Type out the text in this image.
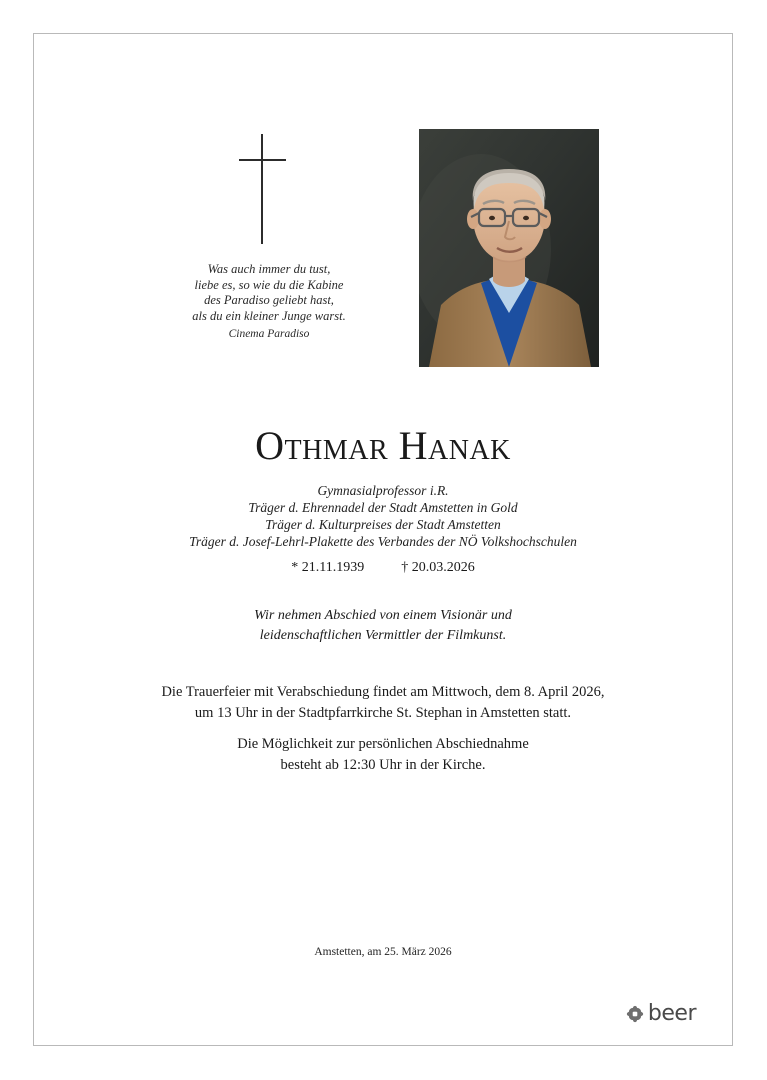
Was auch immer du tust,
liebe es, so wie du die Kabine
des Paradiso geliebt hast,
als du ein kleiner Junge warst.
Cinema Paradiso
Othmar Hanak
Gymnasialprofessor i.R.
Träger d. Ehrennadel der Stadt Amstetten in Gold
Träger d. Kulturpreises der Stadt Amstetten
Träger d. Josef-Lehrl-Plakette des Verbandes der NÖ Volkshochschulen
* 21.11.1939	† 20.03.2026
Wir nehmen Abschied von einem Visionär und
leidenschaftlichen Vermittler der Filmkunst.
Die Trauerfeier mit Verabschiedung findet am Mittwoch, dem 8. April 2026,
um 13 Uhr in der Stadtpfarrkirche St. Stephan in Amstetten statt.
Die Möglichkeit zur persönlichen Abschiednahme
besteht ab 12:30 Uhr in der Kirche.
Amstetten, am 25. März 2026
beer
